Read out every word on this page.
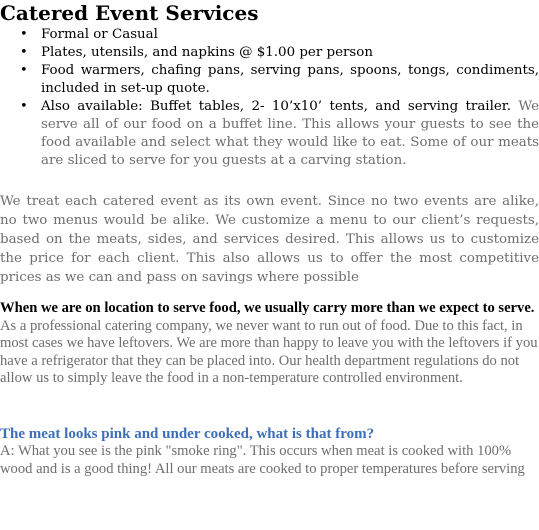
Catered Event Services
• Formal or Casual
• Plates, utensils, and napkins @ $1.00 per person
• Food warmers, chafing pans, serving pans, spoons, tongs, condiments, included in set-up quote.
• Also available: Buffet tables, 2- 10’x10’ tents, and serving trailer. We serve all of our food on a buffet line. This allows your guests to see the food available and select what they would like to eat. Some of our meats are sliced to serve for you guests at a carving station.

We treat each catered event as its own event. Since no two events are alike, no two menus would be alike. We customize a menu to our client’s requests, based on the meats, sides, and services desired. This allows us to customize the price for each client. This also allows us to offer the most competitive prices as we can and pass on savings where possible

When we are on location to serve food, we usually carry more than we expect to serve. As a professional catering company, we never want to run out of food. Due to this fact, in most cases we have leftovers. We are more than happy to leave you with the leftovers if you have a refrigerator that they can be placed into. Our health department regulations do not allow us to simply leave the food in a non-temperature controlled environment.

The meat looks pink and under cooked, what is that from?
A: What you see is the pink "smoke ring". This occurs when meat is cooked with 100% wood and is a good thing! All our meats are cooked to proper temperatures before serving
